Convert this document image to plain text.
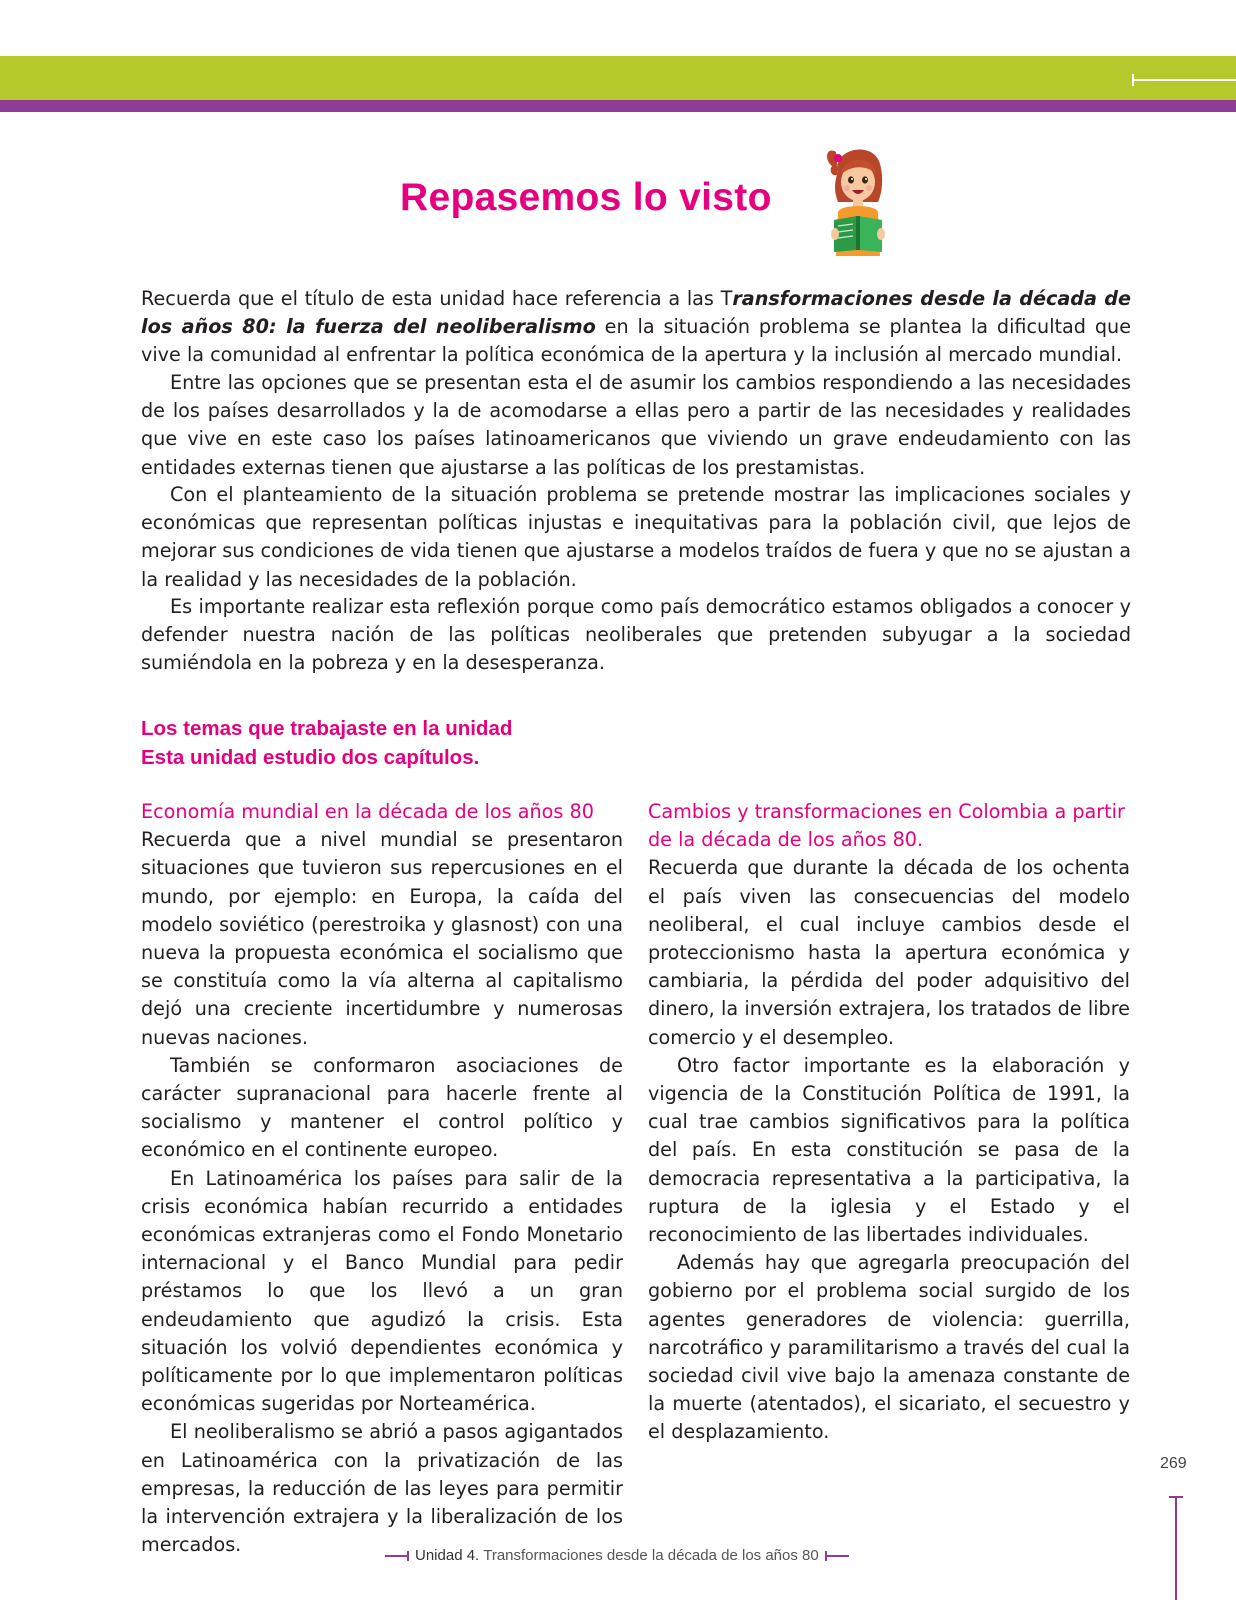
Repasemos lo visto

Recuerda que el título de esta unidad hace referencia a las Transformaciones desde la década de los años 80: la fuerza del neoliberalismo en la situación problema se plantea la dificultad que vive la comunidad al enfrentar la política económica de la apertura y la inclusión al mercado mundial.

Entre las opciones que se presentan esta el de asumir los cambios respondiendo a las necesidades de los países desarrollados y la de acomodarse a ellas pero a partir de las necesidades y realidades que vive en este caso los países latinoamericanos que viviendo un grave endeudamiento con las entidades externas tienen que ajustarse a las políticas de los prestamistas.

Con el planteamiento de la situación problema se pretende mostrar las implicaciones sociales y económicas que representan políticas injustas e inequitativas para la población civil, que lejos de mejorar sus condiciones de vida tienen que ajustarse a modelos traídos de fuera y que no se ajustan a la realidad y las necesidades de la población.

Es importante realizar esta reflexión porque como país democrático estamos obligados a conocer y defender nuestra nación de las políticas neoliberales que pretenden subyugar a la sociedad sumiéndola en la pobreza y en la desesperanza.

Los temas que trabajaste en la unidad
Esta unidad estudio dos capítulos.
Economía mundial en la década de los años 80

Recuerda que a nivel mundial se presentaron situaciones que tuvieron sus repercusiones en el mundo, por ejemplo: en Europa, la caída del modelo soviético (perestroika y glasnost) con una nueva la propuesta económica el socialismo que se constituía como la vía alterna al capitalismo dejó una creciente incertidumbre y numerosas nuevas naciones.

También se conformaron asociaciones de carácter supranacional para hacerle frente al socialismo y mantener el control político y económico en el continente europeo.

En Latinoamérica los países para salir de la crisis económica habían recurrido a entidades económicas extranjeras como el Fondo Monetario internacional y el Banco Mundial para pedir préstamos lo que los llevó a un gran endeudamiento que agudizó la crisis. Esta situación los volvió dependientes económica y políticamente por lo que implementaron políticas económicas sugeridas por Norteamérica.

El neoliberalismo se abrió a pasos agigantados en Latinoamérica con la privatización de las empresas, la reducción de las leyes para permitir la intervención extrajera y la liberalización de los mercados.

Cambios y transformaciones en Colombia a partir de la década de los años 80.

Recuerda que durante la década de los ochenta el país viven las consecuencias del modelo neoliberal, el cual incluye cambios desde el proteccionismo hasta la apertura económica y cambiaria, la pérdida del poder adquisitivo del dinero, la inversión extrajera, los tratados de libre comercio y el desempleo.

Otro factor importante es la elaboración y vigencia de la Constitución Política de 1991, la cual trae cambios significativos para la política del país. En esta constitución se pasa de la democracia representativa a la participativa, la ruptura de la iglesia y el Estado y el reconocimiento de las libertades individuales.

Además hay que agregarla preocupación del gobierno por el problema social surgido de los agentes generadores de violencia: guerrilla, narcotráfico y paramilitarismo a través del cual la sociedad civil vive bajo la amenaza constante de la muerte (atentados), el sicariato, el secuestro y el desplazamiento.

269
Unidad 4. Transformaciones desde la década de los años 80
